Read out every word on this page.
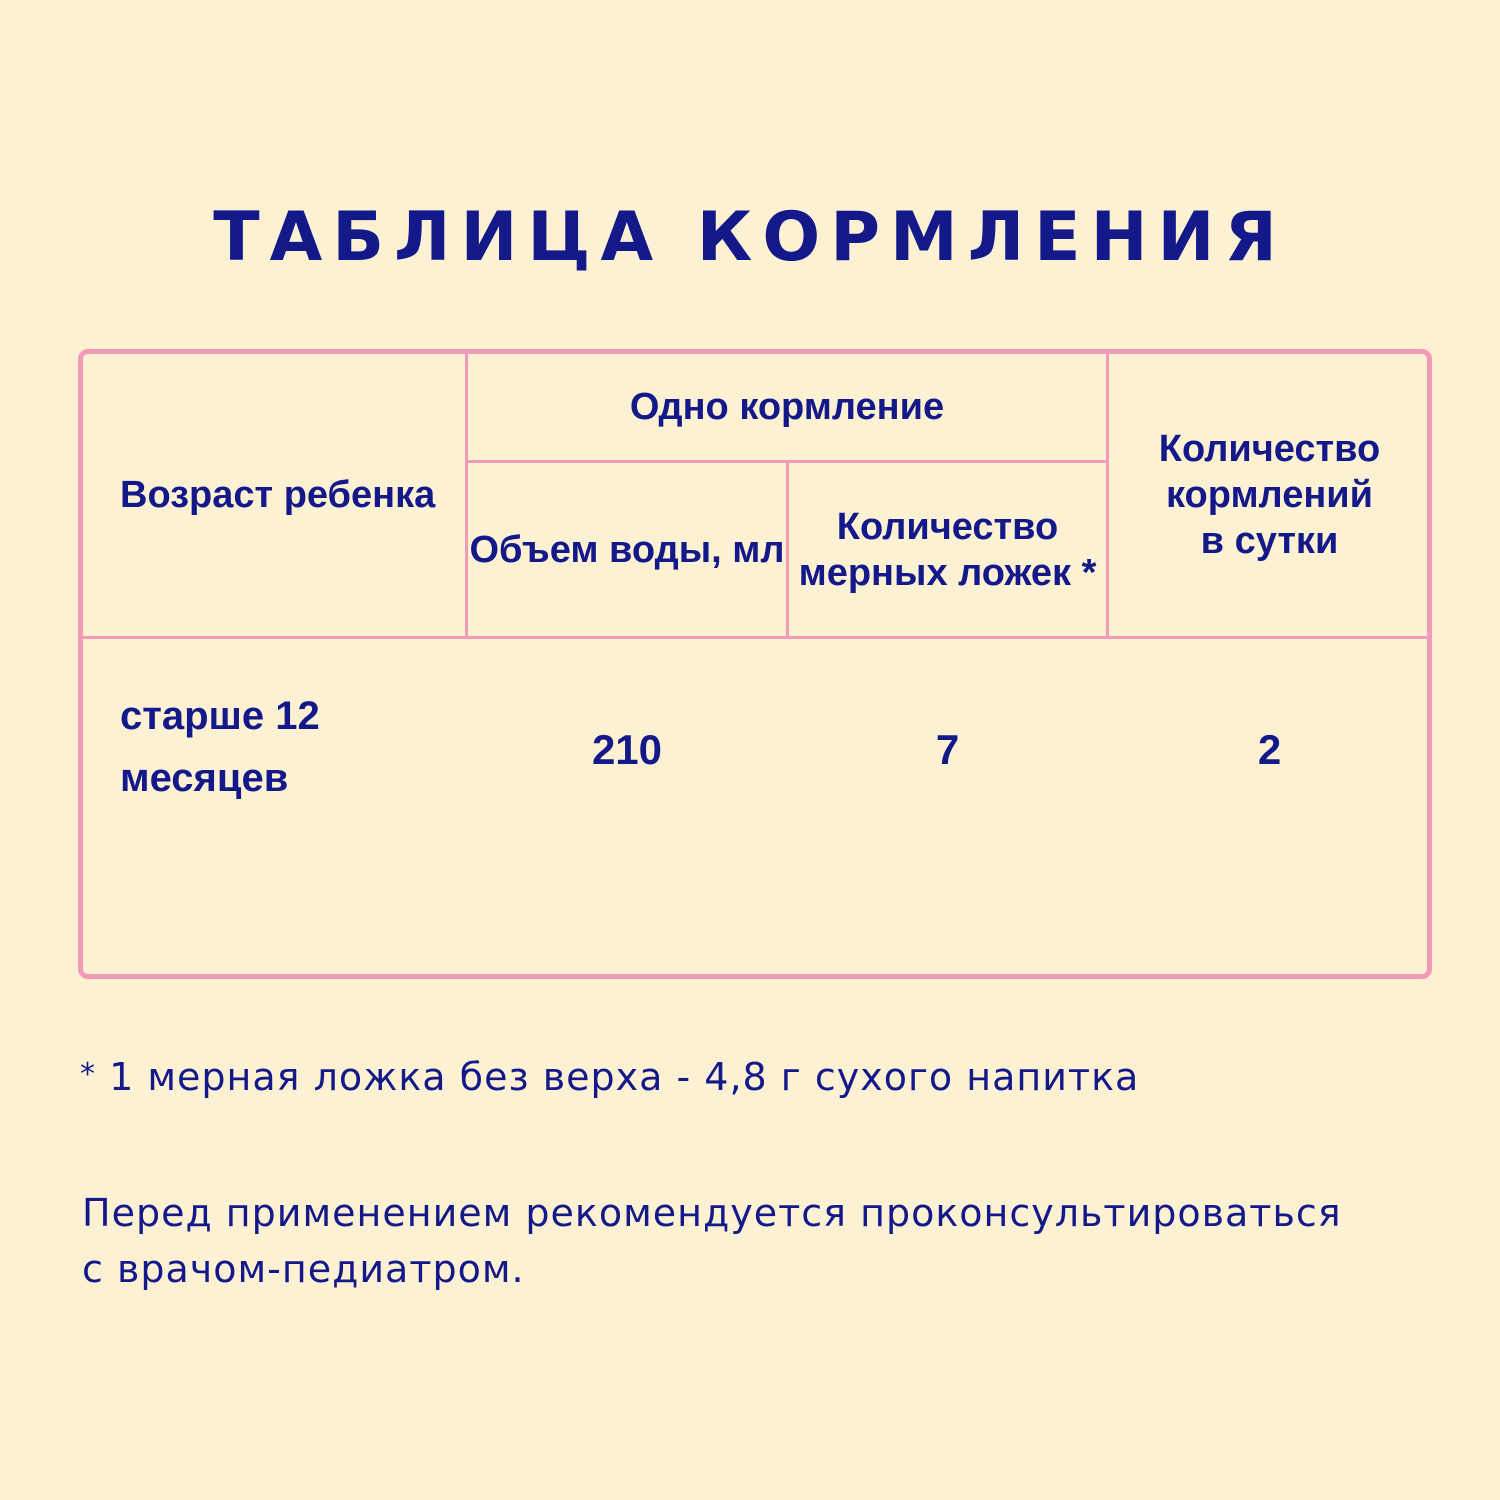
ТАБЛИЦА КОРМЛЕНИЯ
Возраст ребенка
Одно кормление
Объем воды, мл
Количество
мерных ложек *
Количество
кормлений
в сутки
старше 12
месяцев
210	7	2
* 1 мерная ложка без верха - 4,8 г сухого напитка
Перед применением рекомендуется проконсультироваться
с врачом-педиатром.
